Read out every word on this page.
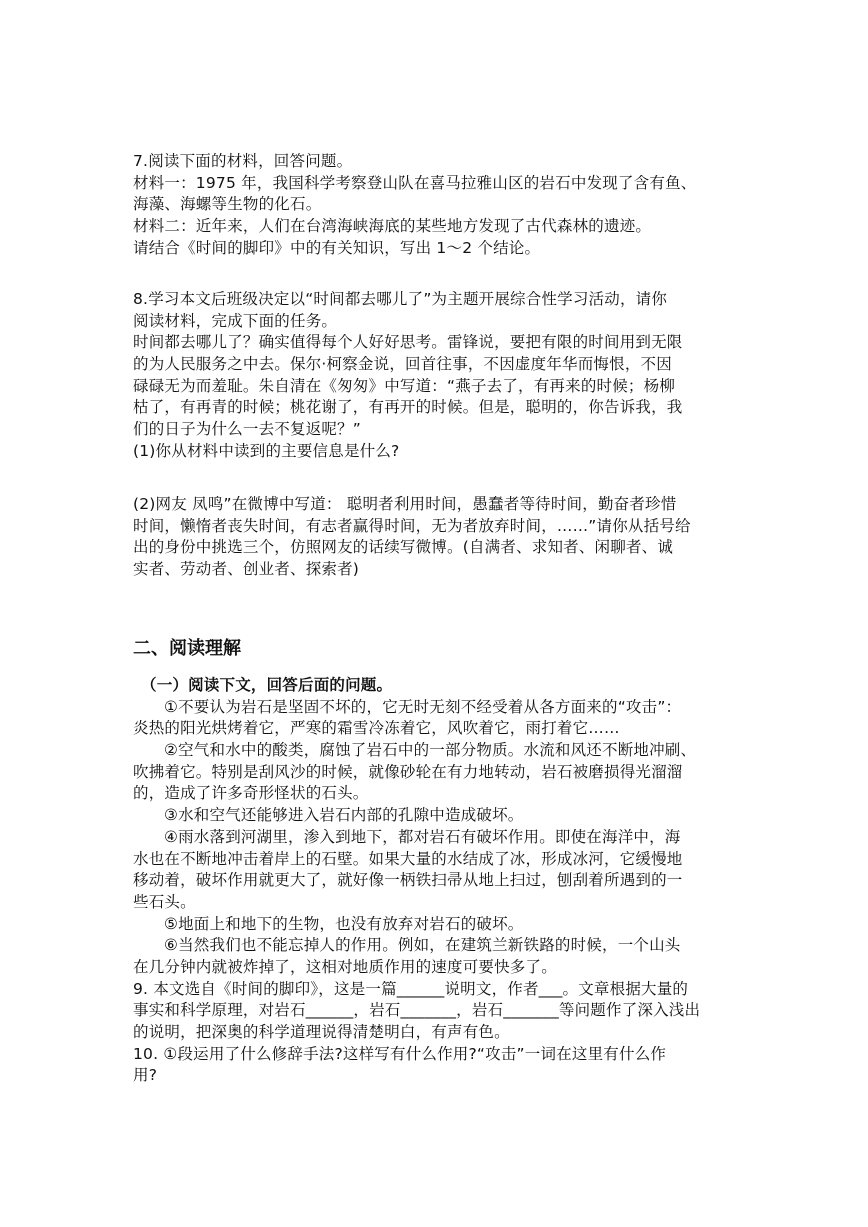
7.阅读下面的材料，回答问题。
材料一：1975 年，我国科学考察登山队在喜马拉雅山区的岩石中发现了含有鱼、
海藻、海螺等生物的化石。
材料二：近年来，人们在台湾海峡海底的某些地方发现了古代森林的遗迹。
请结合《时间的脚印》中的有关知识，写出 1～2 个结论。
8.学习本文后班级决定以“时间都去哪儿了”为主题开展综合性学习活动，请你
阅读材料，完成下面的任务。
时间都去哪儿了？确实值得每个人好好思考。雷锋说，要把有限的时间用到无限
的为人民服务之中去。保尔·柯察金说，回首往事，不因虚度年华而悔恨，不因
碌碌无为而羞耻。朱自清在《匆匆》中写道：“燕子去了，有再来的时候；杨柳
枯了，有再青的时候；桃花谢了，有再开的时候。但是，聪明的，你告诉我，我
们的日子为什么一去不复返呢？”
(1)你从材料中读到的主要信息是什么?
(2)网友 凤鸣”在微博中写道： 聪明者利用时间，愚蠢者等待时间，勤奋者珍惜
时间，懒惰者丧失时间，有志者赢得时间，无为者放弃时间，……”请你从括号给
出的身份中挑选三个，仿照网友的话续写微博。(自满者、求知者、闲聊者、诚
实者、劳动者、创业者、探索者)
二、阅读理解
（一）阅读下文，回答后面的问题。
①不要认为岩石是坚固不坏的，它无时无刻不经受着从各方面来的“攻击”：
炎热的阳光烘烤着它，严寒的霜雪冷冻着它，风吹着它，雨打着它……
②空气和水中的酸类，腐蚀了岩石中的一部分物质。水流和风还不断地冲刷、
吹拂着它。特别是刮风沙的时候，就像砂轮在有力地转动，岩石被磨损得光溜溜
的，造成了许多奇形怪状的石头。
③水和空气还能够进入岩石内部的孔隙中造成破坏。
④雨水落到河湖里，渗入到地下，都对岩石有破坏作用。即使在海洋中，海
水也在不断地冲击着岸上的石壁。如果大量的水结成了冰，形成冰河，它缓慢地
移动着，破坏作用就更大了，就好像一柄铁扫帚从地上扫过，刨刮着所遇到的一
些石头。
⑤地面上和地下的生物，也没有放弃对岩石的破坏。
⑥当然我们也不能忘掉人的作用。例如，在建筑兰新铁路的时候，一个山头
在几分钟内就被炸掉了，这相对地质作用的速度可要快多了。
9. 本文选自《时间的脚印》，这是一篇______说明文，作者___。文章根据大量的
事实和科学原理，对岩石______，岩石_______，岩石_______等问题作了深入浅出
的说明，把深奥的科学道理说得清楚明白，有声有色。
10. ①段运用了什么修辞手法?这样写有什么作用?“攻击”一词在这里有什么作
用?
